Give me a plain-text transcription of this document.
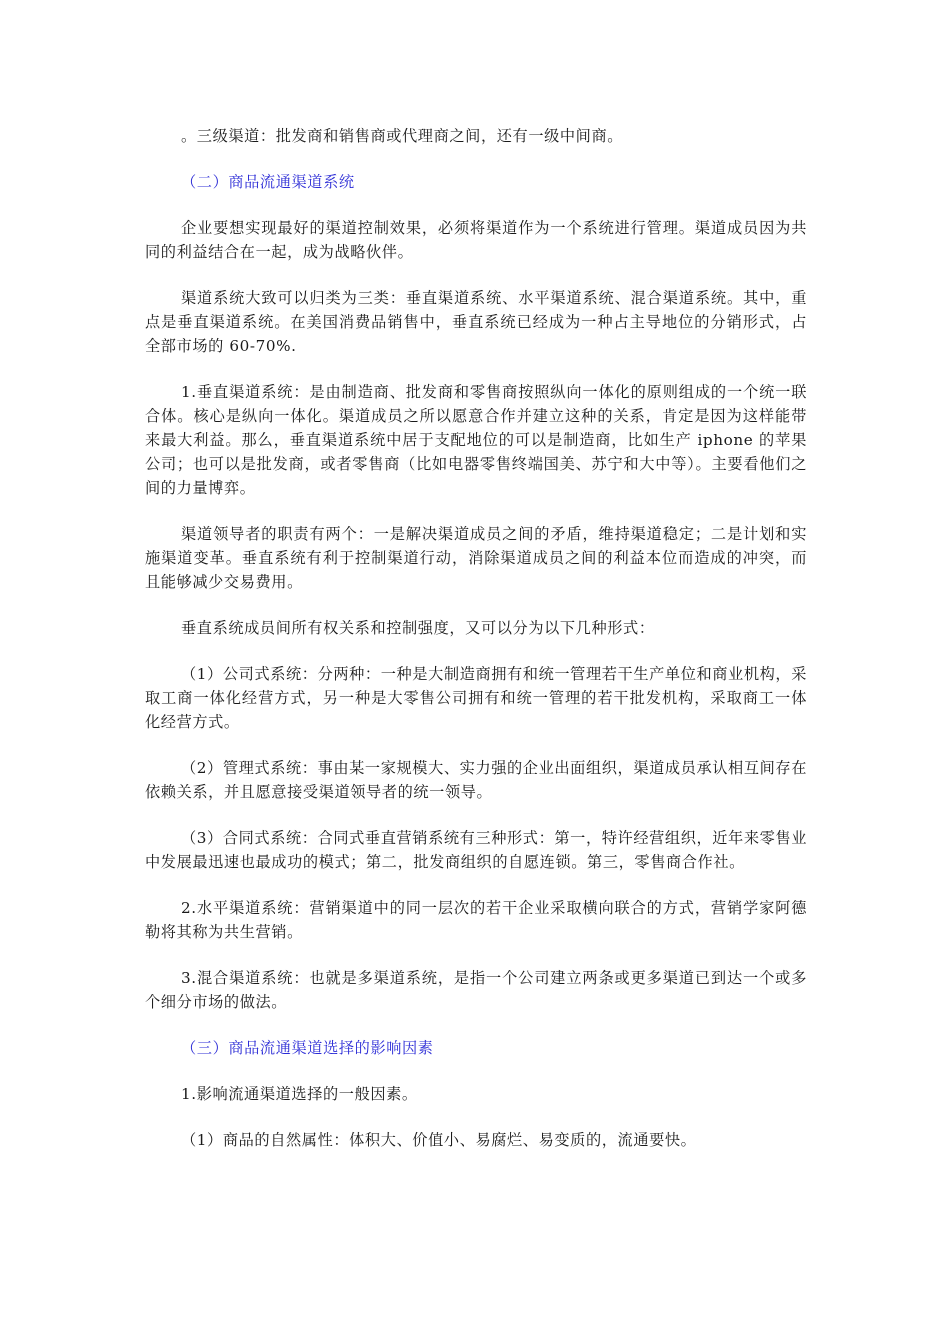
。三级渠道：批发商和销售商或代理商之间，还有一级中间商。

（二）商品流通渠道系统

企业要想实现最好的渠道控制效果，必须将渠道作为一个系统进行管理。渠道成员因为共同的利益结合在一起，成为战略伙伴。

渠道系统大致可以归类为三类：垂直渠道系统、水平渠道系统、混合渠道系统。其中，重点是垂直渠道系统。在美国消费品销售中，垂直系统已经成为一种占主导地位的分销形式，占全部市场的 60-70%.

1.垂直渠道系统：是由制造商、批发商和零售商按照纵向一体化的原则组成的一个统一联合体。核心是纵向一体化。渠道成员之所以愿意合作并建立这种的关系，肯定是因为这样能带来最大利益。那么，垂直渠道系统中居于支配地位的可以是制造商，比如生产 iphone 的苹果公司；也可以是批发商，或者零售商（比如电器零售终端国美、苏宁和大中等）。主要看他们之间的力量博弈。

渠道领导者的职责有两个：一是解决渠道成员之间的矛盾，维持渠道稳定；二是计划和实施渠道变革。垂直系统有利于控制渠道行动，消除渠道成员之间的利益本位而造成的冲突，而且能够减少交易费用。

垂直系统成员间所有权关系和控制强度，又可以分为以下几种形式：

（1）公司式系统：分两种：一种是大制造商拥有和统一管理若干生产单位和商业机构，采取工商一体化经营方式，另一种是大零售公司拥有和统一管理的若干批发机构，采取商工一体化经营方式。

（2）管理式系统：事由某一家规模大、实力强的企业出面组织，渠道成员承认相互间存在依赖关系，并且愿意接受渠道领导者的统一领导。

（3）合同式系统：合同式垂直营销系统有三种形式：第一，特许经营组织，近年来零售业中发展最迅速也最成功的模式；第二，批发商组织的自愿连锁。第三，零售商合作社。

2.水平渠道系统：营销渠道中的同一层次的若干企业采取横向联合的方式，营销学家阿德勒将其称为共生营销。

3.混合渠道系统：也就是多渠道系统，是指一个公司建立两条或更多渠道已到达一个或多个细分市场的做法。

（三）商品流通渠道选择的影响因素

1.影响流通渠道选择的一般因素。

（1）商品的自然属性：体积大、价值小、易腐烂、易变质的，流通要快。
